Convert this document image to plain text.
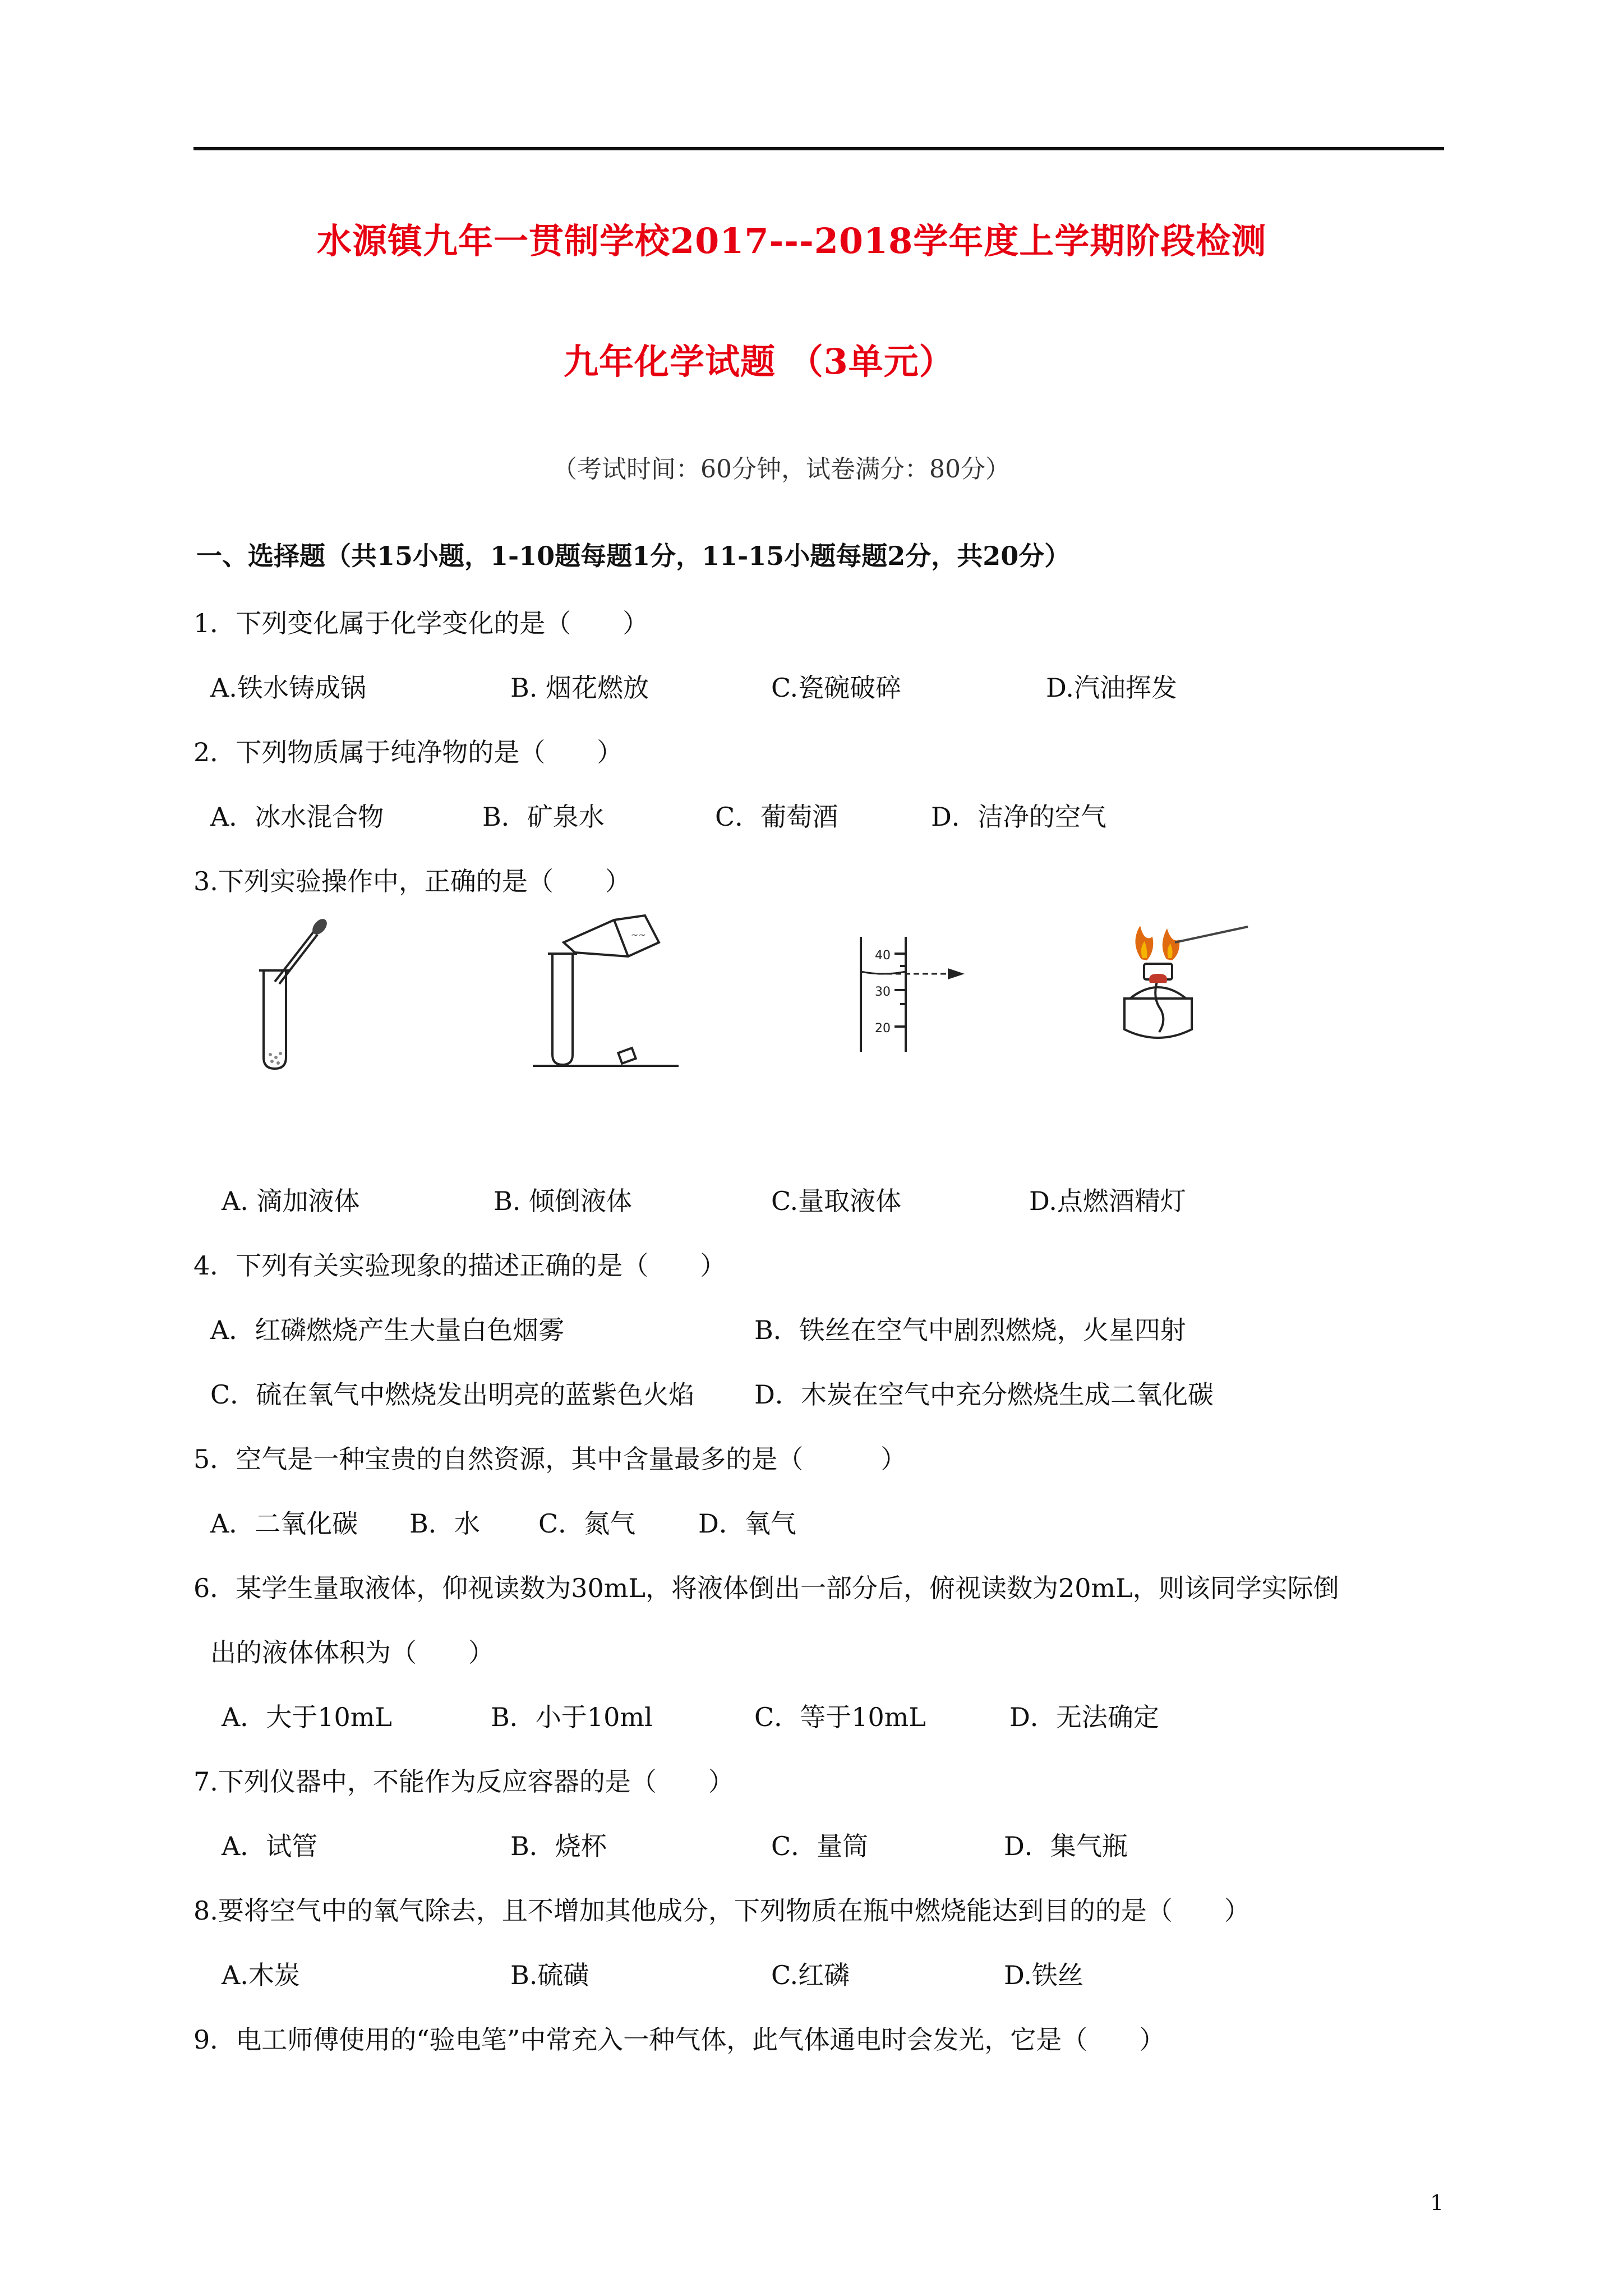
水源镇九年一贯制学校2017---2018学年度上学期阶段检测
九年化学试题 （3单元）
（考试时间：60分钟，试卷满分：80分）
一、选择题（共15小题，1-10题每题1分，11-15小题每题2分，共20分）
1．下列变化属于化学变化的是（　　）
A.铁水铸成锅	B. 烟花燃放	C.瓷碗破碎	D.汽油挥发
2．下列物质属于纯净物的是（　　）
A．冰水混合物	B．矿泉水	C．葡萄酒	D．洁净的空气
3.下列实验操作中，正确的是（　　）
~~
40
30
20
A. 滴加液体	B. 倾倒液体	C.量取液体	D.点燃酒精灯
4．下列有关实验现象的描述正确的是（　　）
A．红磷燃烧产生大量白色烟雾	B．铁丝在空气中剧烈燃烧，火星四射
C．硫在氧气中燃烧发出明亮的蓝紫色火焰 D．木炭在空气中充分燃烧生成二氧化碳
5．空气是一种宝贵的自然资源，其中含量最多的是（　　　）
A．二氧化碳 B．水 C．氮气 D．氧气
6．某学生量取液体，仰视读数为30mL，将液体倒出一部分后，俯视读数为20mL，则该同学实际倒
出的液体体积为（　　）
A．大于10mL	B．小于10ml	C．等于10mL	D．无法确定
7.下列仪器中，不能作为反应容器的是（　　）
A．试管	B．烧杯	C．量筒	D．集气瓶
8.要将空气中的氧气除去，且不增加其他成分，下列物质在瓶中燃烧能达到目的的是（　　）
A.木炭	B.硫磺	C.红磷	D.铁丝
9．电工师傅使用的“验电笔”中常充入一种气体，此气体通电时会发光，它是（　　）
1
